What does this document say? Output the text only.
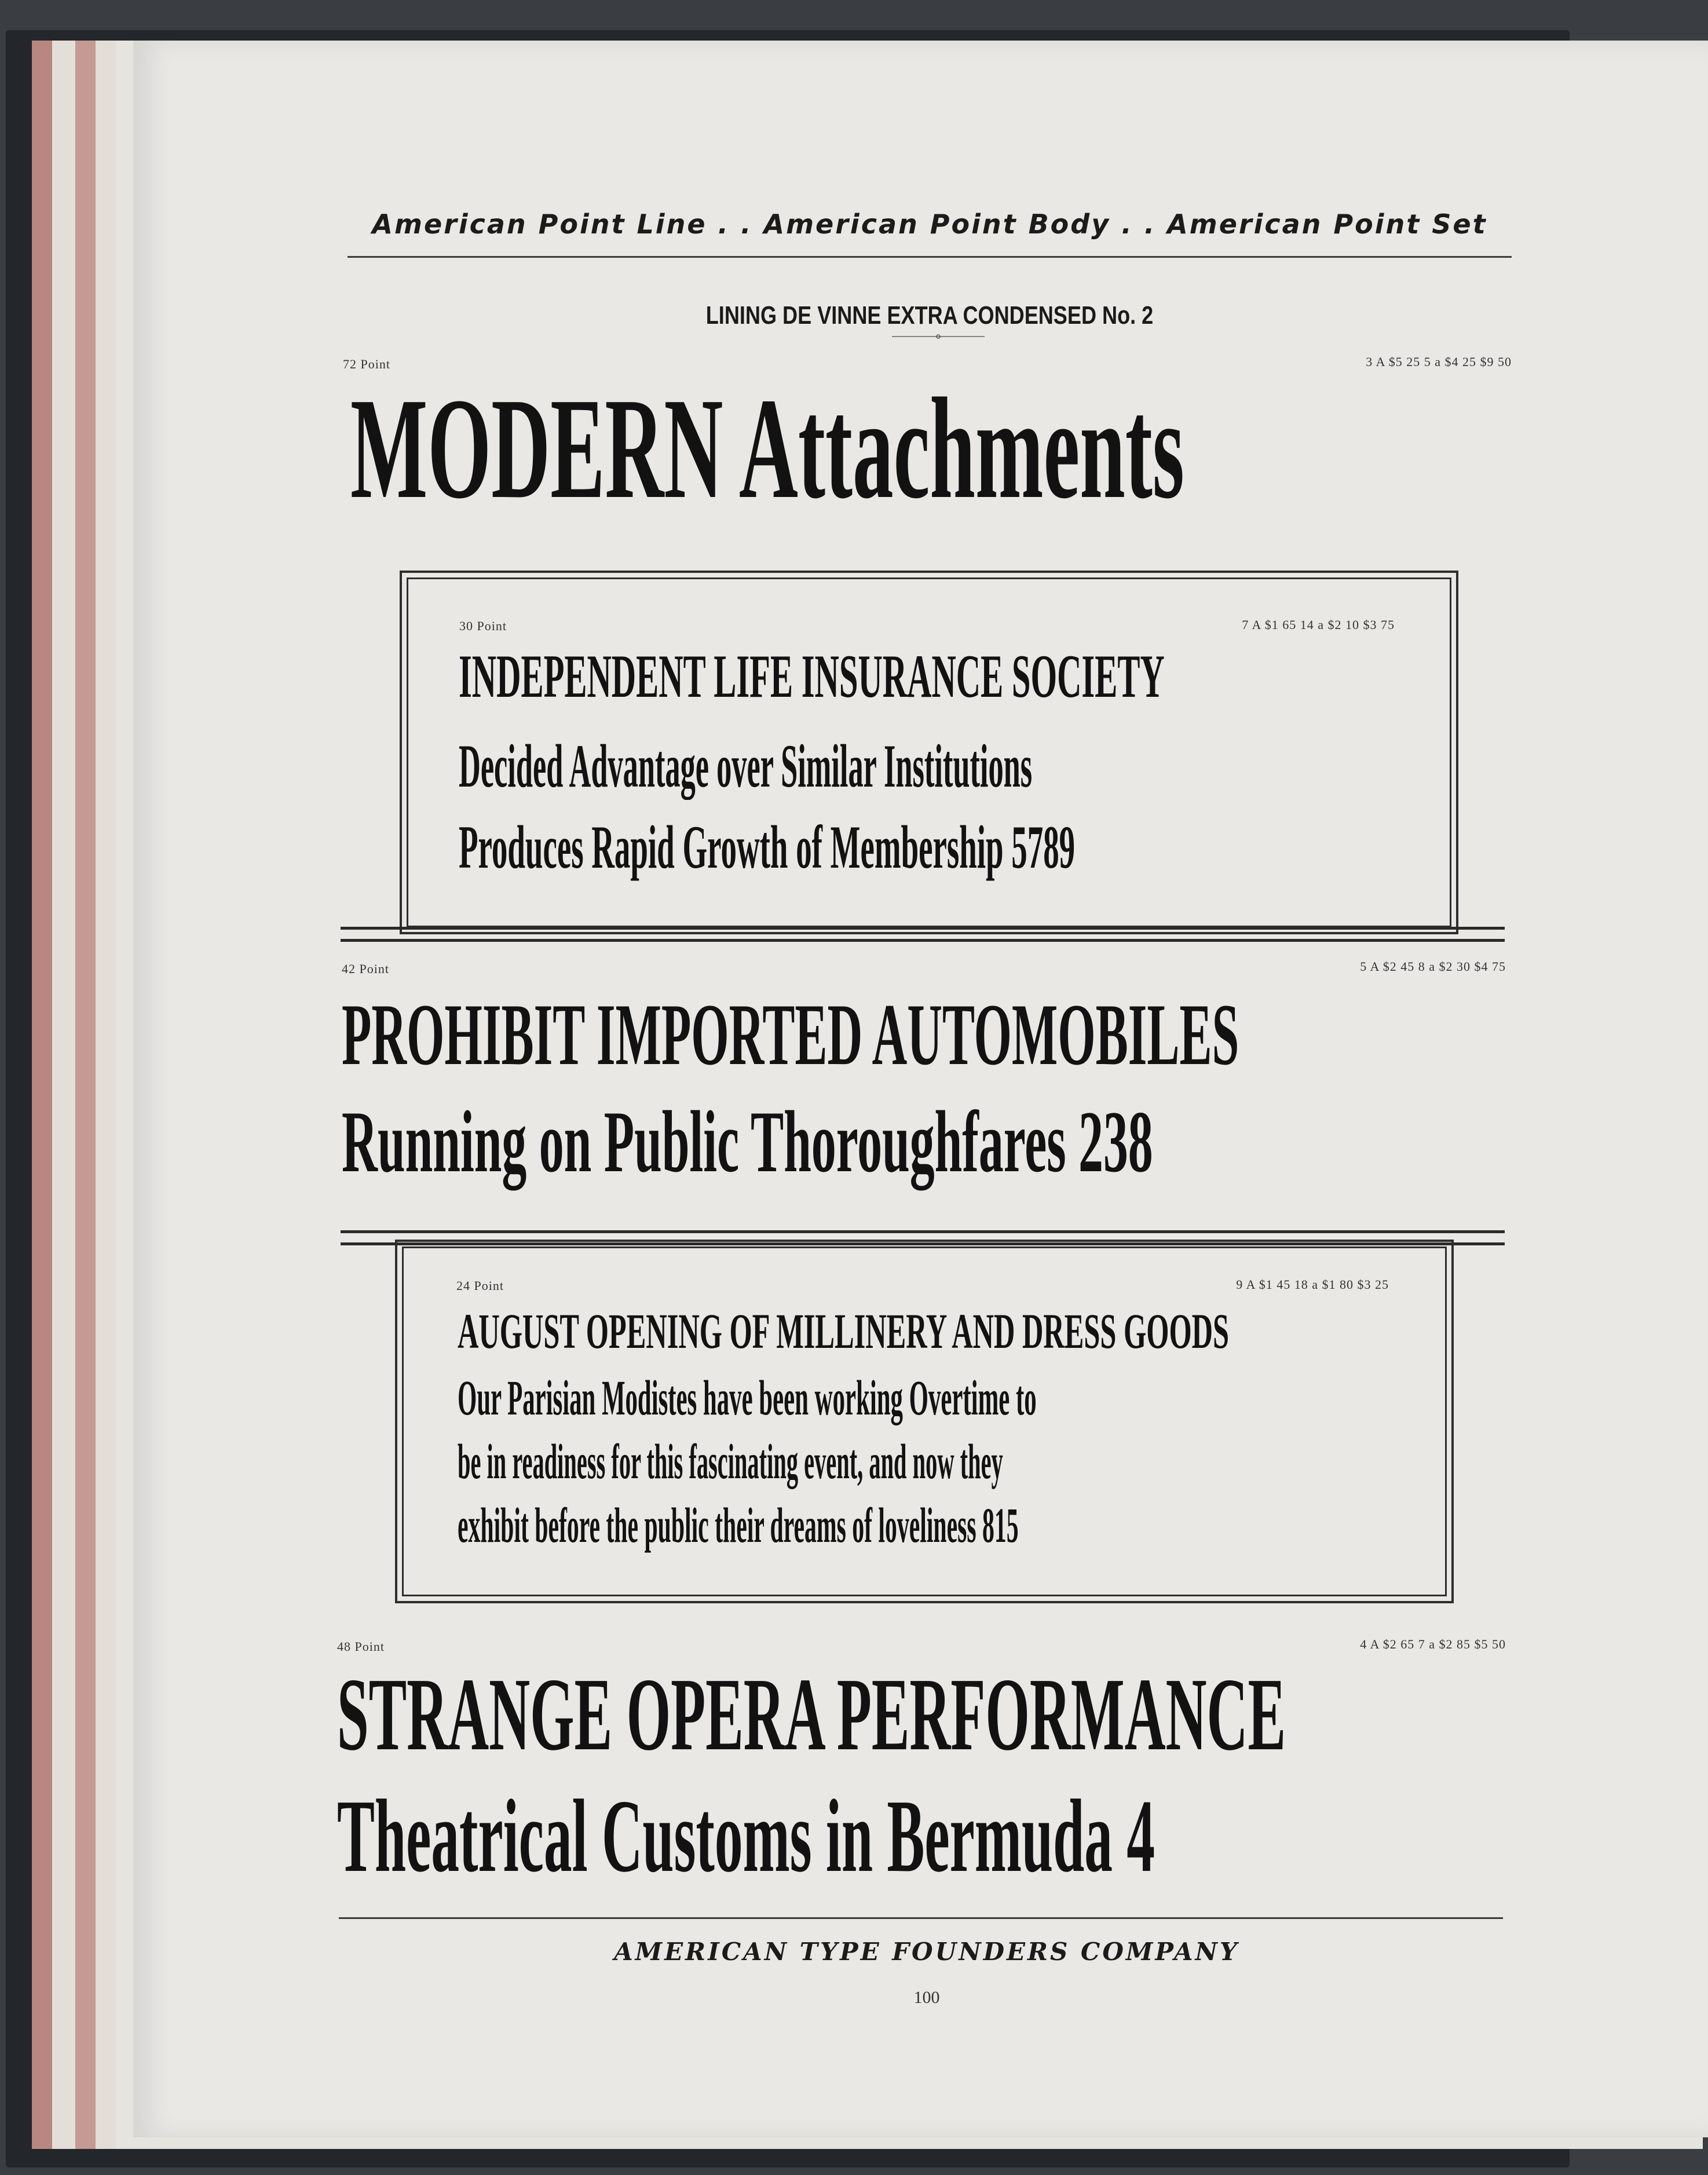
American Point Line . . American Point Body . . American Point Set
LINING DE VINNE EXTRA CONDENSED No. 2
72 Point	3 A $5 25 5 a $4 25 $9 50
MODERN Attachments
30 Point	7 A $1 65 14 a $2 10 $3 75
INDEPENDENT LIFE INSURANCE SOCIETY
Decided Advantage over Similar Institutions
Produces Rapid Growth of Membership 5789
42 Point	5 A $2 45 8 a $2 30 $4 75
PROHIBIT IMPORTED AUTOMOBILES
Running on Public Thoroughfares 238
24 Point	9 A $1 45 18 a $1 80 $3 25
AUGUST OPENING OF MILLINERY AND DRESS GOODS
Our Parisian Modistes have been working Overtime to
be in readiness for this fascinating event, and now they
exhibit before the public their dreams of loveliness 815
48 Point	4 A $2 65 7 a $2 85 $5 50
STRANGE OPERA PERFORMANCE
Theatrical Customs in Bermuda 4
AMERICAN TYPE FOUNDERS COMPANY
100
